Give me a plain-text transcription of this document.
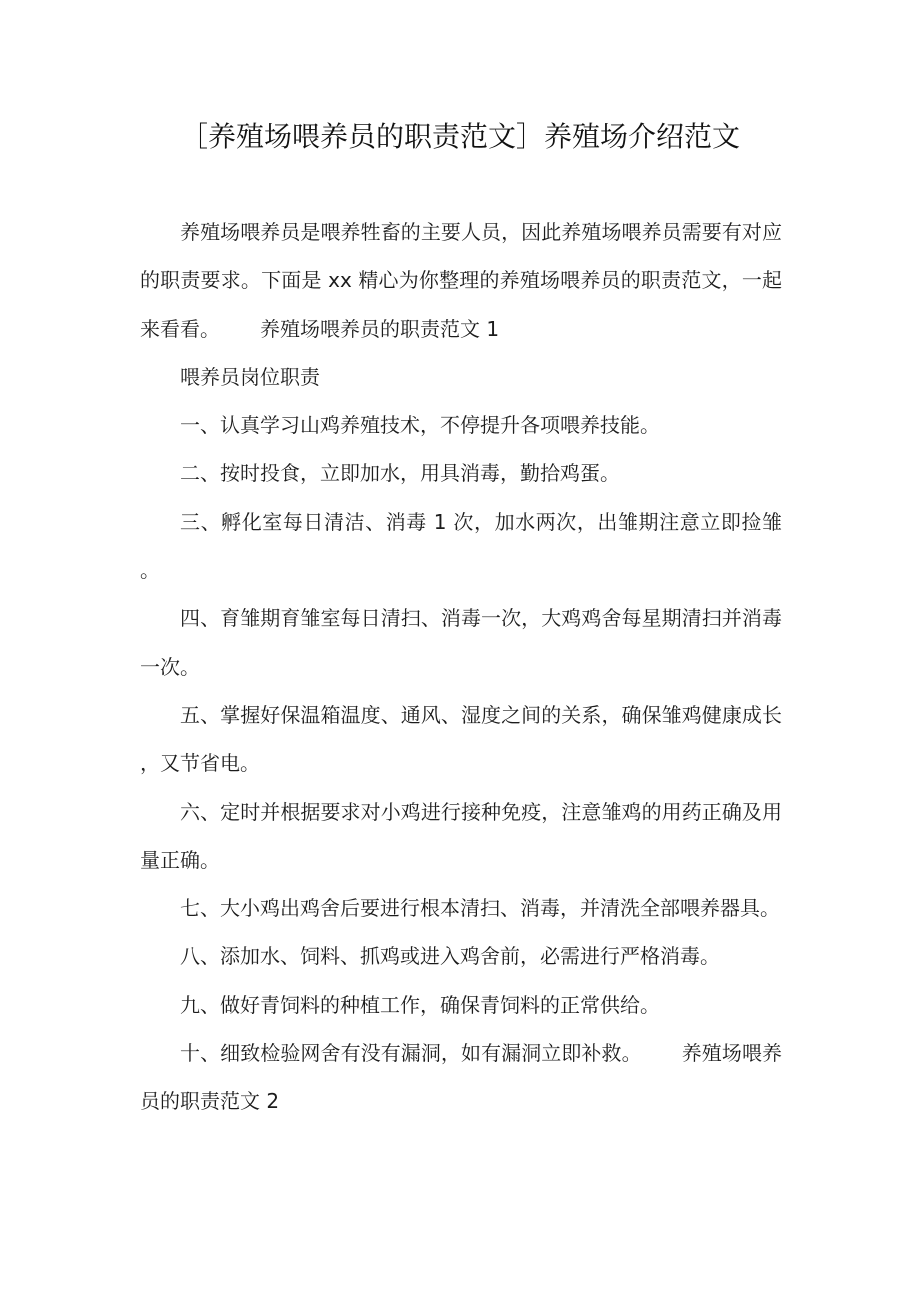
［养殖场喂养员的职责范文］养殖场介绍范文

养殖场喂养员是喂养牲畜的主要人员，因此养殖场喂养员需要有对应的职责要求。下面是 xx 精心为你整理的养殖场喂养员的职责范文，一起来看看。 养殖场喂养员的职责范文 1

喂养员岗位职责

一、认真学习山鸡养殖技术，不停提升各项喂养技能。

二、按时投食，立即加水，用具消毒，勤拾鸡蛋。

三、孵化室每日清洁、消毒 1 次，加水两次，出雏期注意立即捡雏。

四、育雏期育雏室每日清扫、消毒一次，大鸡鸡舍每星期清扫并消毒一次。

五、掌握好保温箱温度、通风、湿度之间的关系，确保雏鸡健康成长，又节省电。

六、定时并根据要求对小鸡进行接种免疫，注意雏鸡的用药正确及用量正确。

七、大小鸡出鸡舍后要进行根本清扫、消毒，并清洗全部喂养器具。

八、添加水、饲料、抓鸡或进入鸡舍前，必需进行严格消毒。

九、做好青饲料的种植工作，确保青饲料的正常供给。

十、细致检验网舍有没有漏洞，如有漏洞立即补救。 养殖场喂养员的职责范文 2
